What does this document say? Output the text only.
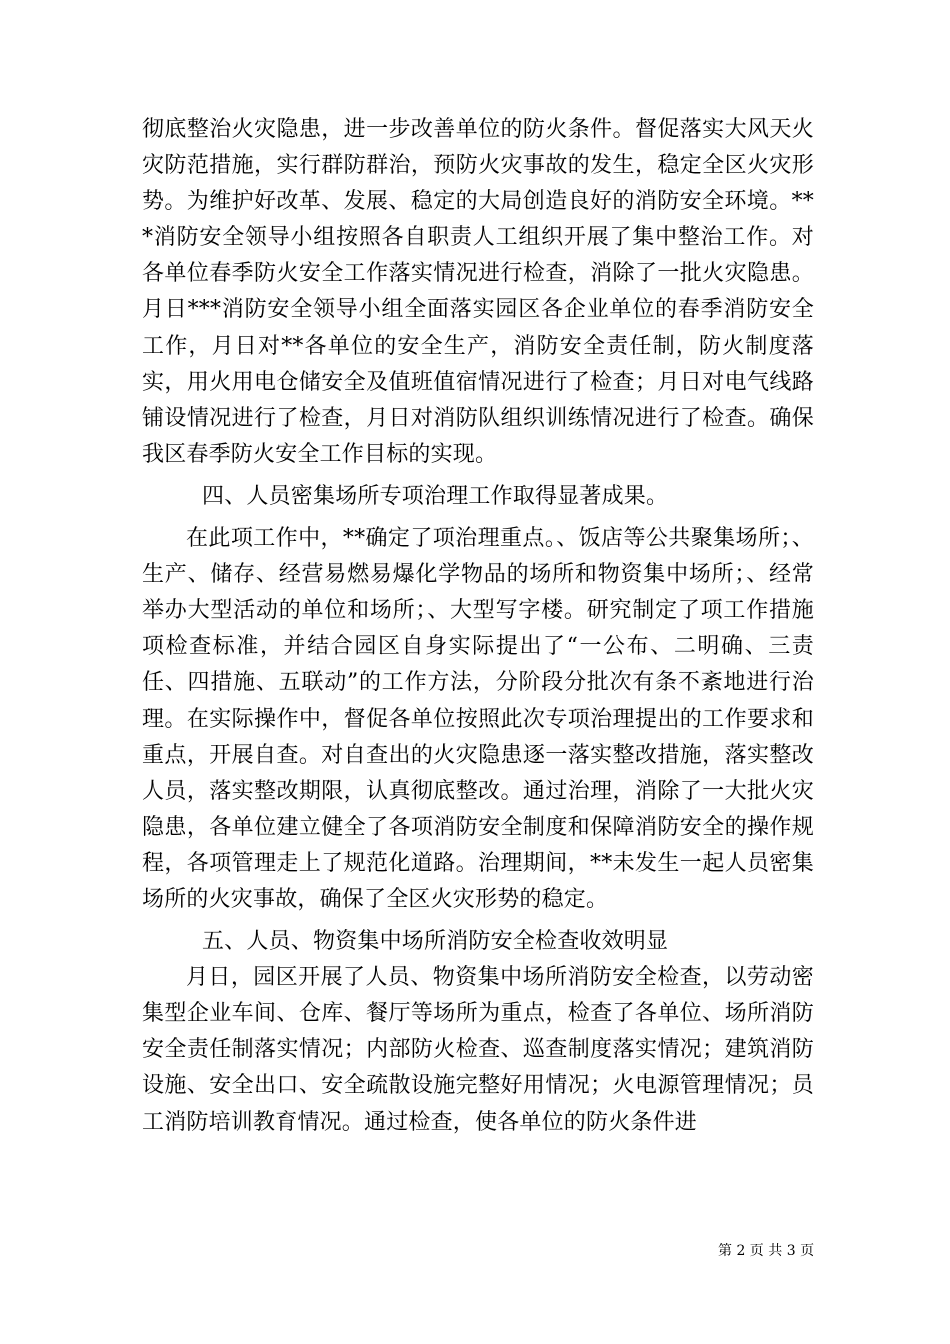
彻底整治火灾隐患，进一步改善单位的防火条件。督促落实大风天火灾防范措施，实行群防群治，预防火灾事故的发生，稳定全区火灾形势。为维护好改革、发展、稳定的大局创造良好的消防安全环境。***消防安全领导小组按照各自职责人工组织开展了集中整治工作。对各单位春季防火安全工作落实情况进行检查，消除了一批火灾隐患。月日***消防安全领导小组全面落实园区各企业单位的春季消防安全工作，月日对**各单位的安全生产，消防安全责任制，防火制度落实，用火用电仓储安全及值班值宿情况进行了检查；月日对电气线路铺设情况进行了检查，月日对消防队组织训练情况进行了检查。确保我区春季防火安全工作目标的实现。

四、人员密集场所专项治理工作取得显著成果。

在此项工作中，**确定了项治理重点。、饭店等公共聚集场所；、生产、储存、经营易燃易爆化学物品的场所和物资集中场所；、经常举办大型活动的单位和场所；、大型写字楼。研究制定了项工作措施项检查标准，并结合园区自身实际提出了“一公布、二明确、三责任、四措施、五联动”的工作方法，分阶段分批次有条不紊地进行治理。在实际操作中，督促各单位按照此次专项治理提出的工作要求和重点，开展自查。对自查出的火灾隐患逐一落实整改措施，落实整改人员，落实整改期限，认真彻底整改。通过治理，消除了一大批火灾隐患，各单位建立健全了各项消防安全制度和保障消防安全的操作规程，各项管理走上了规范化道路。治理期间，**未发生一起人员密集场所的火灾事故，确保了全区火灾形势的稳定。

五、人员、物资集中场所消防安全检查收效明显

月日，园区开展了人员、物资集中场所消防安全检查，以劳动密集型企业车间、仓库、餐厅等场所为重点，检查了各单位、场所消防安全责任制落实情况；内部防火检查、巡查制度落实情况；建筑消防设施、安全出口、安全疏散设施完整好用情况；火电源管理情况；员工消防培训教育情况。通过检查，使各单位的防火条件进

第 2 页 共 3 页
